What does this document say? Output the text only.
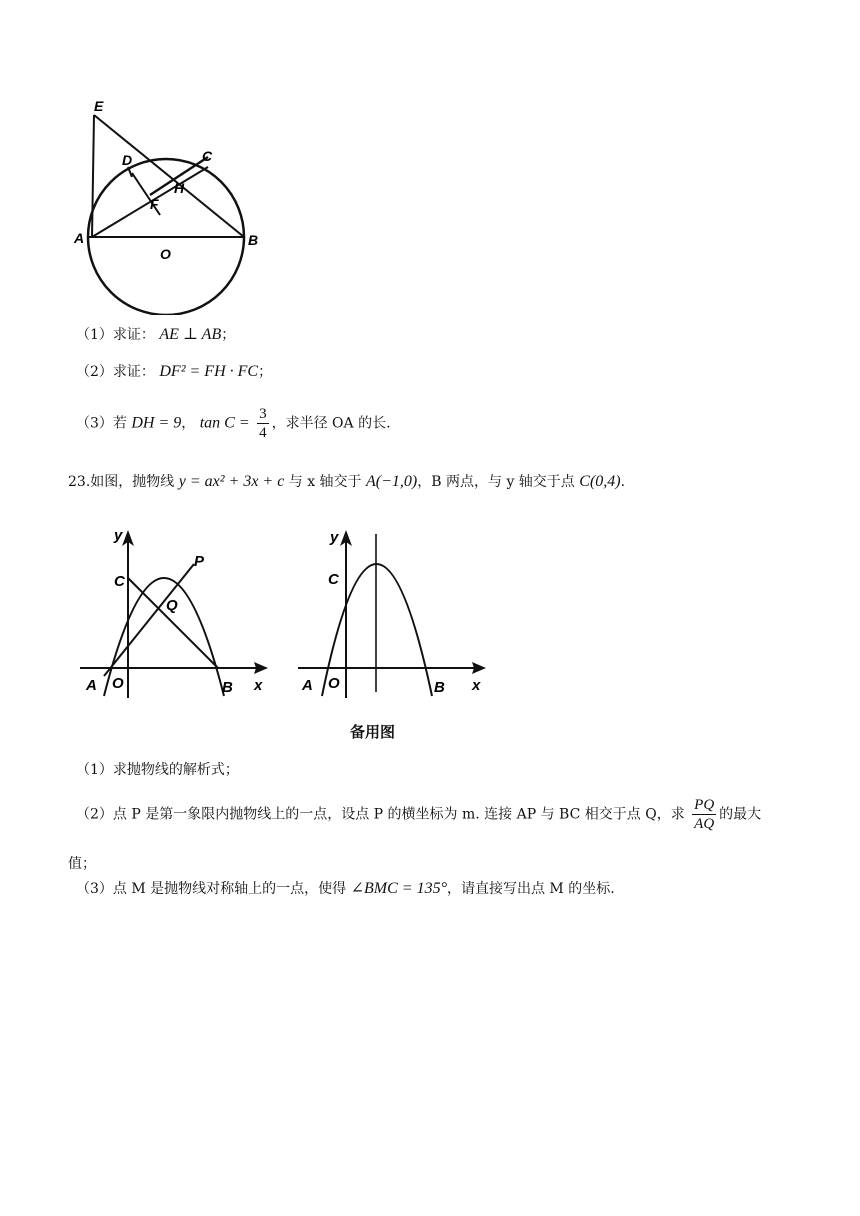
E
D	C
H
F
A
O
B
（1）求证： AE ⊥ AB；
（2）求证： DF² = FH · FC；
（3）若 DH = 9， $\tan C = \frac{3}{4}$ ，求半径 OA 的长.
23.如图，抛物线 y = ax² + 3x + c 与 x 轴交于 A(−1,0)，B 两点，与 y 轴交于点 C(0,4).
y
C
P
Q
A O	B x
y
C
A O	B x
备用图
（1）求抛物线的解析式；
（2）点 P 是第一象限内抛物线上的一点，设点 P 的横坐标为 m. 连接 AP 与 BC 相交于点 Q，求 $\frac{PQ}{AQ}$ 的最大
值；
（3）点 M 是抛物线对称轴上的一点，使得 ∠BMC = 135°，请直接写出点 M 的坐标.
